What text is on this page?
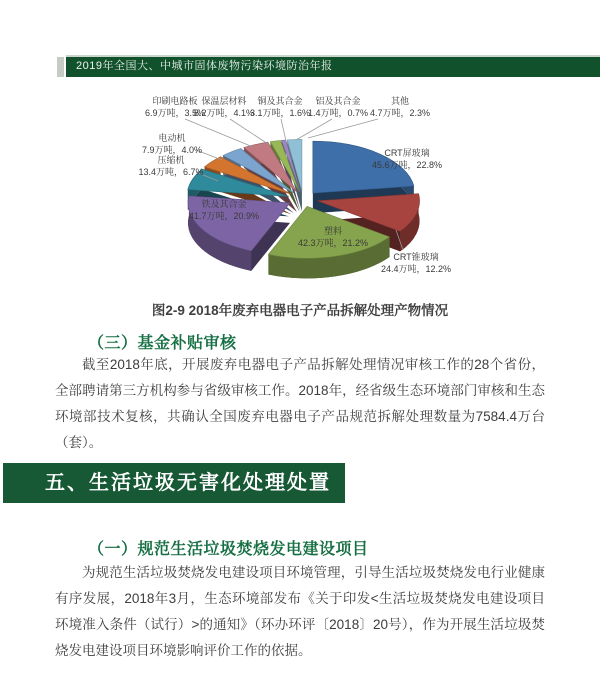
2019年全国大、中城市固体废物污染环境防治年报
CRT屏玻璃
45.6万吨，22.8%
CRT锥玻璃
24.4万吨，12.2%
塑料
42.3万吨，21.2%
铁及其合金
41.7万吨，20.9%
压缩机
13.4万吨，6.7%
电动机
7.9万吨，4.0%
印刷电路板
6.9万吨，3.5%
保温层材料
8.2万吨，4.1%
铜及其合金
3.1万吨，1.6%
铝及其合金
1.4万吨，0.7%
其他
4.7万吨，2.3%
图2-9 2018年废弃电器电子产品拆解处理产物情况
（三）基金补贴审核

截至2018年底，开展废弃电器电子产品拆解处理情况审核工作的28个省份，全部聘请第三方机构参与省级审核工作。2018年，经省级生态环境部门审核和生态环境部技术复核，共确认全国废弃电器电子产品规范拆解处理数量为7584.4万台（套）。

五、生活垃圾无害化处理处置
（一）规范生活垃圾焚烧发电建设项目

为规范生活垃圾焚烧发电建设项目环境管理，引导生活垃圾焚烧发电行业健康有序发展，2018年3月，生态环境部发布《关于印发<生活垃圾焚烧发电建设项目环境准入条件（试行）>的通知》（环办环评〔2018〕20号），作为开展生活垃圾焚烧发电建设项目环境影响评价工作的依据。
